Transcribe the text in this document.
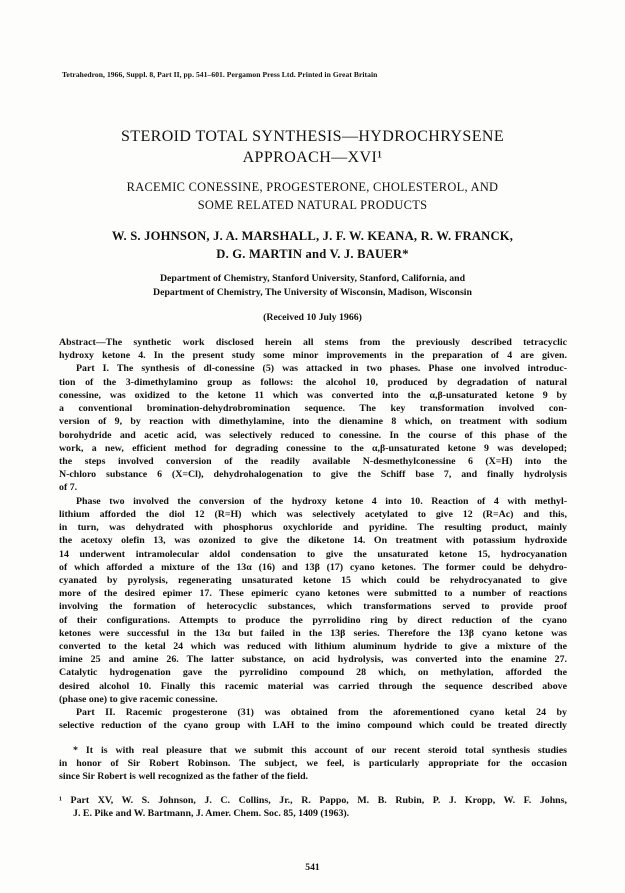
Tetrahedron, 1966, Suppl. 8, Part II, pp. 541–601. Pergamon Press Ltd. Printed in Great Britain
STEROID TOTAL SYNTHESIS—HYDROCHRYSENE
APPROACH—XVI¹
RACEMIC CONESSINE, PROGESTERONE, CHOLESTEROL, AND
SOME RELATED NATURAL PRODUCTS
W. S. JOHNSON, J. A. MARSHALL, J. F. W. KEANA, R. W. FRANCK,
D. G. MARTIN and V. J. BAUER*
Department of Chemistry, Stanford University, Stanford, California, and
Department of Chemistry, The University of Wisconsin, Madison, Wisconsin
(Received 10 July 1966)
Abstract—The synthetic work disclosed herein all stems from the previously described tetracyclic
hydroxy ketone 4. In the present study some minor improvements in the preparation of 4 are given.
Part I. The synthesis of dl-conessine (5) was attacked in two phases. Phase one involved introduc-
tion of the 3-dimethylamino group as follows: the alcohol 10, produced by degradation of natural
conessine, was oxidized to the ketone 11 which was converted into the α,β-unsaturated ketone 9 by
a conventional bromination-dehydrobromination sequence. The key transformation involved con-
version of 9, by reaction with dimethylamine, into the dienamine 8 which, on treatment with sodium
borohydride and acetic acid, was selectively reduced to conessine. In the course of this phase of the
work, a new, efficient method for degrading conessine to the α,β-unsaturated ketone 9 was developed;
the steps involved conversion of the readily available N-desmethylconessine 6 (X=H) into the
N-chloro substance 6 (X=Cl), dehydrohalogenation to give the Schiff base 7, and finally hydrolysis
of 7.
Phase two involved the conversion of the hydroxy ketone 4 into 10. Reaction of 4 with methyl-
lithium afforded the diol 12 (R=H) which was selectively acetylated to give 12 (R=Ac) and this,
in turn, was dehydrated with phosphorus oxychloride and pyridine. The resulting product, mainly
the acetoxy olefin 13, was ozonized to give the diketone 14. On treatment with potassium hydroxide
14 underwent intramolecular aldol condensation to give the unsaturated ketone 15, hydrocyanation
of which afforded a mixture of the 13α (16) and 13β (17) cyano ketones. The former could be dehydro-
cyanated by pyrolysis, regenerating unsaturated ketone 15 which could be rehydrocyanated to give
more of the desired epimer 17. These epimeric cyano ketones were submitted to a number of reactions
involving the formation of heterocyclic substances, which transformations served to provide proof
of their configurations. Attempts to produce the pyrrolidino ring by direct reduction of the cyano
ketones were successful in the 13α but failed in the 13β series. Therefore the 13β cyano ketone was
converted to the ketal 24 which was reduced with lithium aluminum hydride to give a mixture of the
imine 25 and amine 26. The latter substance, on acid hydrolysis, was converted into the enamine 27.
Catalytic hydrogenation gave the pyrrolidino compound 28 which, on methylation, afforded the
desired alcohol 10. Finally this racemic material was carried through the sequence described above
(phase one) to give racemic conessine.
Part II. Racemic progesterone (31) was obtained from the aforementioned cyano ketal 24 by
selective reduction of the cyano group with LAH to the imino compound which could be treated directly
* It is with real pleasure that we submit this account of our recent steroid total synthesis studies
in honor of Sir Robert Robinson. The subject, we feel, is particularly appropriate for the occasion
since Sir Robert is well recognized as the father of the field.
¹ Part XV, W. S. Johnson, J. C. Collins, Jr., R. Pappo, M. B. Rubin, P. J. Kropp, W. F. Johns,
J. E. Pike and W. Bartmann, J. Amer. Chem. Soc. 85, 1409 (1963).
541
